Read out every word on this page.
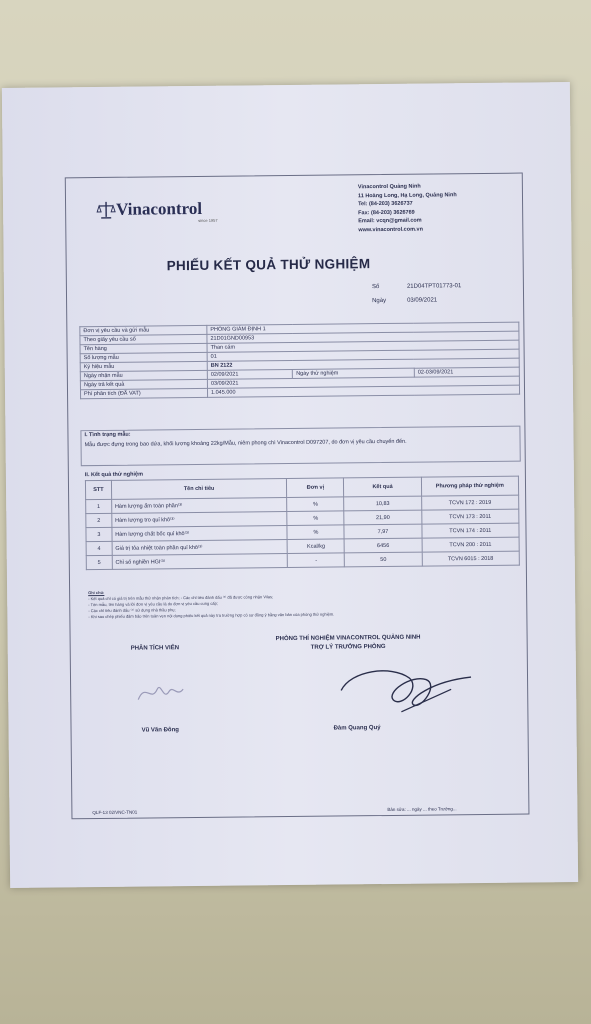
Vinacontrol
since 1957
Vinacontrol Quảng Ninh
11 Hoàng Long, Hạ Long, Quảng Ninh
Tel: (84-203) 3626737
Fax: (84-203) 3626769
Email: vcqn@gmail.com
www.vinacontrol.com.vn
PHIẾU KẾT QUẢ THỬ NGHIỆM
Số	21D04TPT01773-01
Ngày	03/09/2021
Đơn vị yêu cầu và gửi mẫu	PHÒNG GIÁM ĐỊNH 1		
Theo giấy yêu cầu số	21D01GND00953		
Tên hàng	Than cám		
Số lượng mẫu	01		
Ký hiệu mẫu	BN 2122		
Ngày nhận mẫu	02/09/2021	Ngày thử nghiệm	02-03/09/2021
Ngày trả kết quả	03/09/2021		
Phí phân tích (ĐÃ VAT)	1.045.000		
I. Tình trạng mẫu:
Mẫu được đựng trong bao dứa, khối lượng khoảng 22kg/Mẫu, niêm phong chì Vinacontrol D097207, do đơn vị yêu cầu chuyển đến.
II. Kết quả thử nghiệm
STT	Tên chỉ tiêu	Đơn vị	Kết quả	Phương pháp thử nghiệm
1	Hàm lượng ẩm toàn phần⁽³⁾	%	10,83	TCVN 172 : 2019
2	Hàm lượng tro quỉ khô⁽³⁾	%	21,90	TCVN 173 : 2011
3	Hàm lượng chất bốc quỉ khô⁽³⁾	%	7,97	TCVN 174 : 2011
4	Giá trị tỏa nhiệt toàn phần quỉ khô⁽³⁾	Kcal/kg	6456	TCVN 200 : 2011
5	Chỉ số nghiền HGI⁽³⁾	-	50	TCVN 6015 : 2018
Ghi chú:
- Kết quả chỉ có giá trị trên mẫu thử nhận phân tích; - Các chỉ tiêu đánh dấu ⁽³⁾ đã được công nhận Vilas;
- Tên mẫu, tên hàng và lời đơn vị yêu cầu là do đơn vị yêu cầu cung cấp;
- Các chỉ tiêu đánh dấu ⁽⁴⁾ sử dụng nhà thầu phụ;
- Khi sao chép phiếu đảm bảo trên toàn vẹn nội dung phiếu kết quả này tra trường hợp có sự đồng ý bằng văn bản của phòng thử nghiệm.
PHÂN TÍCH VIÊN
PHÒNG THÍ NGHIỆM VINACONTROL QUẢNG NINH
TRỢ LÝ TRƯỞNG PHÒNG
Vũ Văn Đông	Đàm Quang Quý
QLF-13 02/VNC-TN01
Bản sửa: ... ngày ... theo Trưởng...
